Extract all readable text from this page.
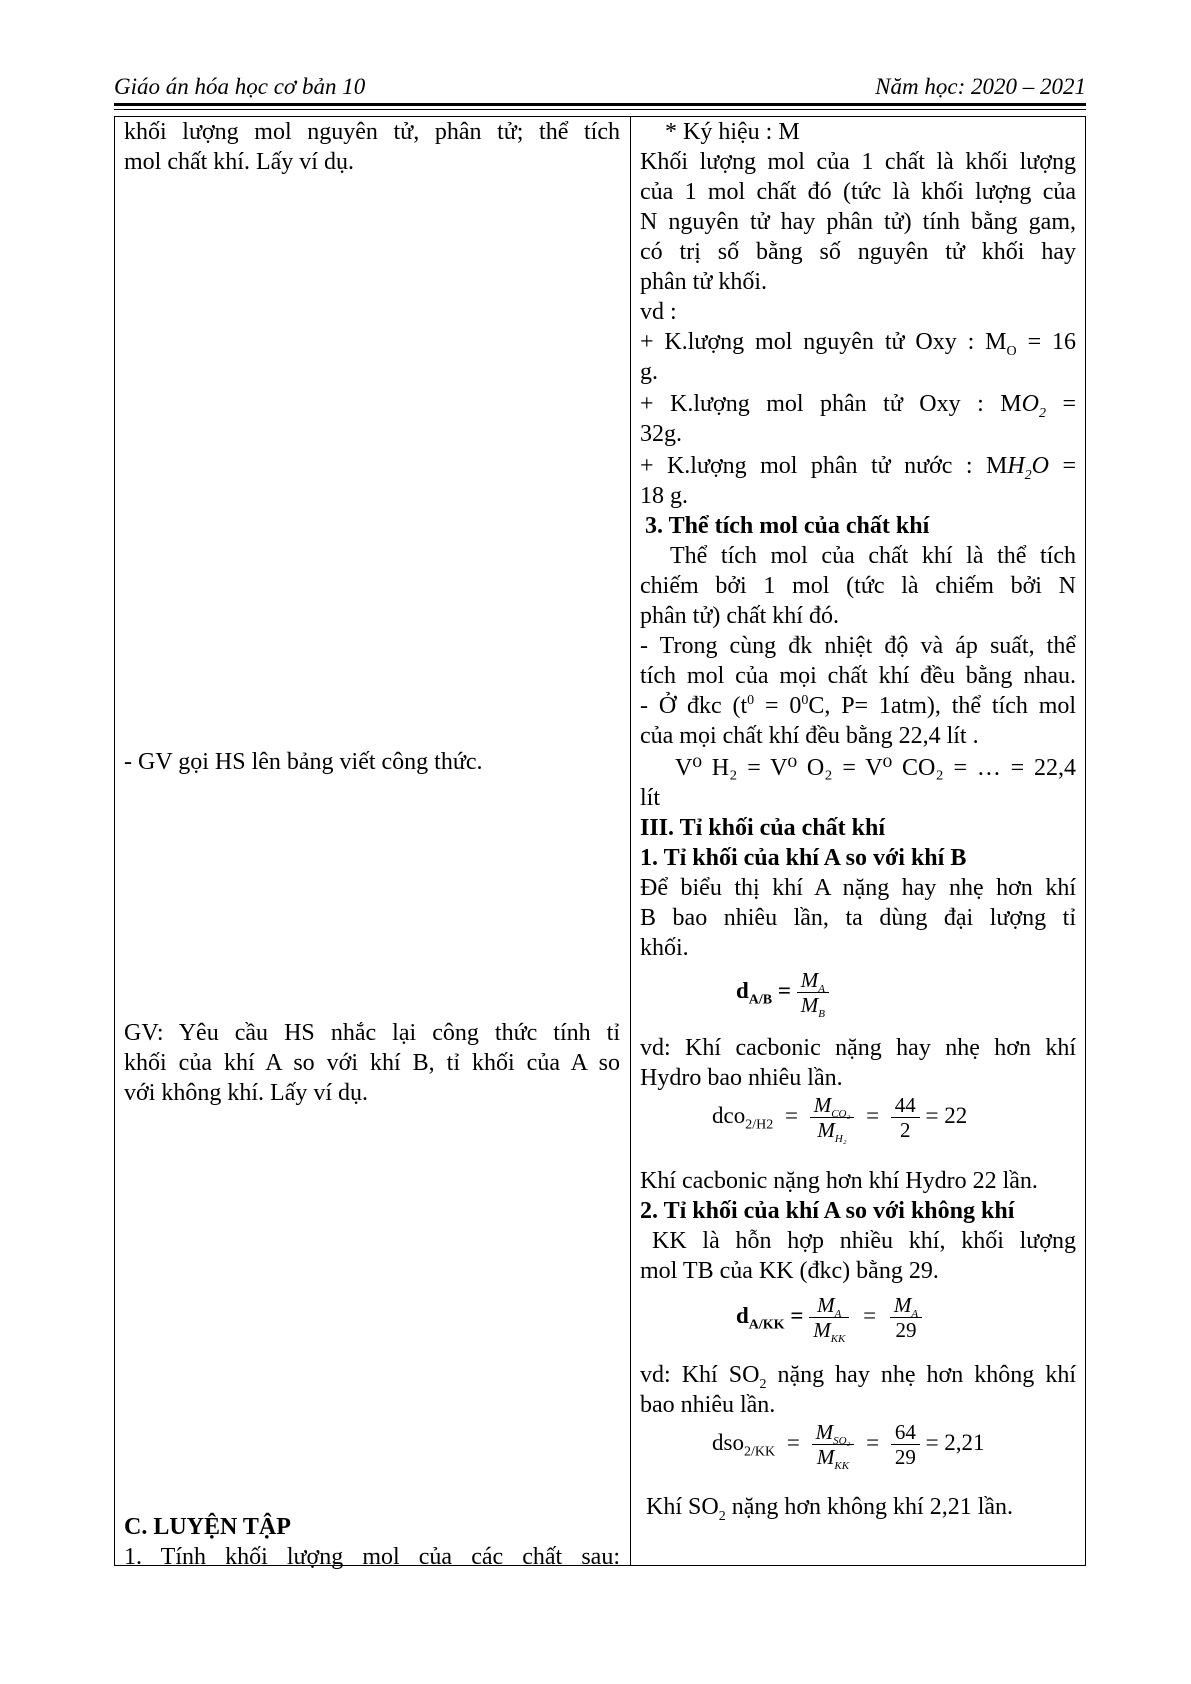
Giáo án hóa học cơ bản 10	Năm học: 2020 – 2021

khối lượng mol nguyên tử, phân tử; thể tích

mol chất khí. Lấy ví dụ.

- GV gọi HS lên bảng viết công thức.

GV: Yêu cầu HS nhắc lại công thức tính tỉ

khối của khí A so với khí B, tỉ khối của A so

với không khí. Lấy ví dụ.

C. LUYỆN TẬP

1. Tính khối lượng mol của các chất sau:

* Ký hiệu : M

Khối lượng mol của 1 chất là khối lượng

của 1 mol chất đó (tức là khối lượng của

N nguyên tử hay phân tử) tính bằng gam,

có trị số bằng số nguyên tử khối hay

phân tử khối.

vd :

+ K.lượng mol nguyên tử Oxy : $M_O = 16$

g.

+ K.lượng mol phân tử Oxy : $MO_2$ =

32g.

+ K.lượng mol phân tử nước : $MH_2O$ =

18 g.

3. Thể tích mol của chất khí

Thể tích mol của chất khí là thể tích

chiếm bởi 1 mol (tức là chiếm bởi N

phân tử) chất khí đó.

- Trong cùng đk nhiệt độ và áp suất, thể

tích mol của mọi chất khí đều bằng nhau.

- Ở đkc ($t^0 = 0^0C$, P= 1atm), thể tích mol

của mọi chất khí đều bằng 22,4 lít .

V⁰ H₂ = V⁰ O₂ = V⁰ CO₂ = … = 22,4

lít

III. Tỉ khối của chất khí

1. Tỉ khối của khí A so với khí B

Để biểu thị khí A nặng hay nhẹ hơn khí

B bao nhiêu lần, ta dùng đại lượng tỉ

khối.

$d_{A/B} = \frac{M_A}{M_B}$

vd: Khí cacbonic nặng hay nhẹ hơn khí

Hydro bao nhiêu lần.

$dco_{2/H2} = \frac{M_{CO_2}}{M_{H_2}} = \frac{44}{2} = 22$

Khí cacbonic nặng hơn khí Hydro 22 lần.

2. Tỉ khối của khí A so với không khí

KK là hỗn hợp nhiều khí, khối lượng

mol TB của KK (đkc) bằng 29.

$d_{A/KK} = \frac{M_A}{M_{KK}} = \frac{M_A}{29}$

vd: Khí $SO_2$ nặng hay nhẹ hơn không khí

bao nhiêu lần.

$dso_{2/KK} = \frac{M_{SO_2}}{M_{KK}} = \frac{64}{29} = 2,21$

Khí $SO_2$ nặng hơn không khí 2,21 lần.
